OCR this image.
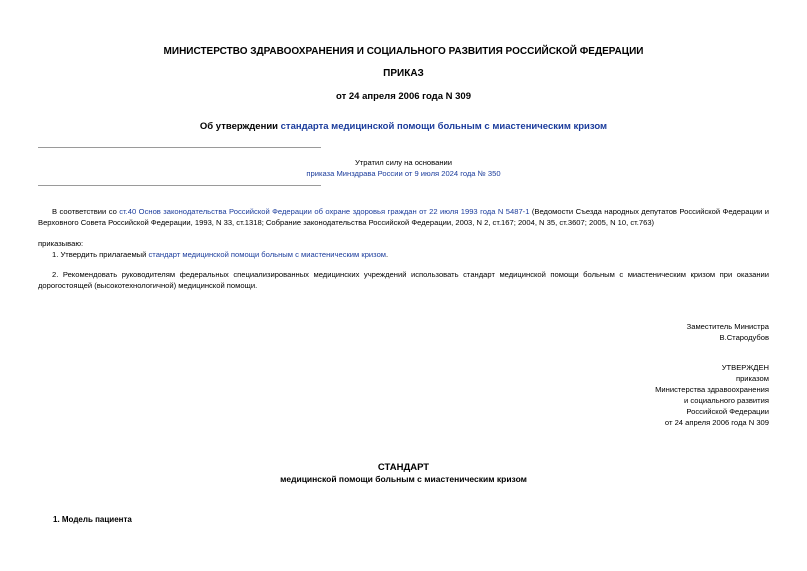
МИНИСТЕРСТВО ЗДРАВООХРАНЕНИЯ И СОЦИАЛЬНОГО РАЗВИТИЯ РОССИЙСКОЙ ФЕДЕРАЦИИ
ПРИКАЗ
от 24 апреля 2006 года N 309
Об утверждении стандарта медицинской помощи больным с миастеническим кризом
Утратил силу на основании
приказа Минздрава России от 9 июля 2024 года № 350
В соответствии со ст.40 Основ законодательства Российской Федерации об охране здоровья граждан от 22 июля 1993 года N 5487-1 (Ведомости Съезда народных депутатов Российской Федерации и Верховного Совета Российской Федерации, 1993, N 33, ст.1318; Собрание законодательства Российской Федерации, 2003, N 2, ст.167; 2004, N 35, ст.3607; 2005, N 10, ст.763)
приказываю:
1. Утвердить прилагаемый стандарт медицинской помощи больным с миастеническим кризом.
2. Рекомендовать руководителям федеральных специализированных медицинских учреждений использовать стандарт медицинской помощи больным с миастеническим кризом при оказании дорогостоящей (высокотехнологичной) медицинской помощи.
Заместитель Министра
В.Стародубов
УТВЕРЖДЕН
приказом
Министерства здравоохранения
и социального развития
Российской Федерации
от 24 апреля 2006 года N 309
СТАНДАРТ
медицинской помощи больным с миастеническим кризом
1. Модель пациента
